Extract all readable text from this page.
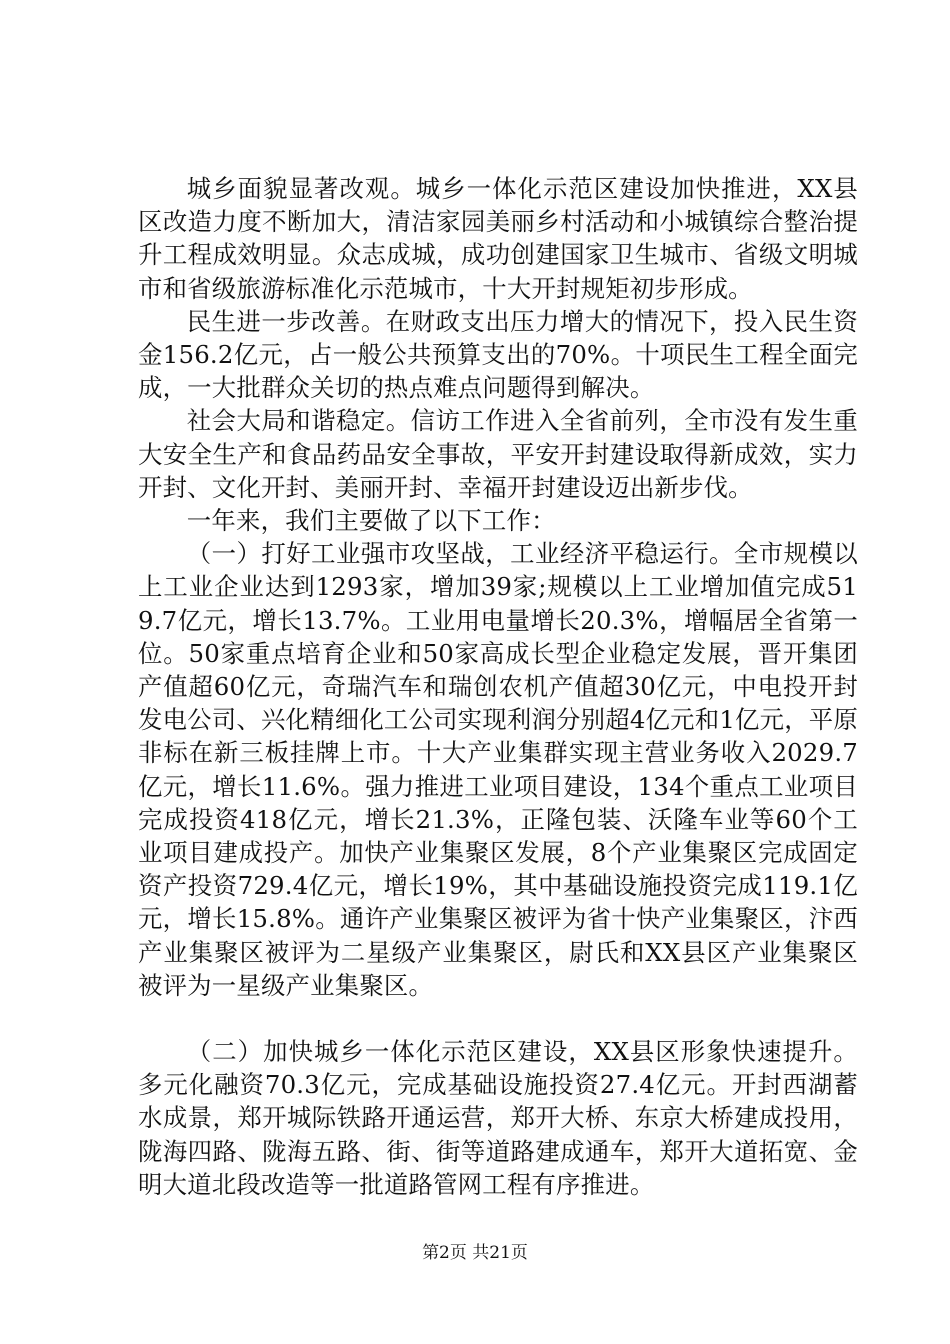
城乡面貌显著改观。城乡一体化示范区建设加快推进，XX县区改造力度不断加大，清洁家园美丽乡村活动和小城镇综合整治提升工程成效明显。众志成城，成功创建国家卫生城市、省级文明城市和省级旅游标准化示范城市，十大开封规矩初步形成。

民生进一步改善。在财政支出压力增大的情况下，投入民生资金156.2亿元，占一般公共预算支出的70%。十项民生工程全面完成，一大批群众关切的热点难点问题得到解决。

社会大局和谐稳定。信访工作进入全省前列，全市没有发生重大安全生产和食品药品安全事故，平安开封建设取得新成效，实力开封、文化开封、美丽开封、幸福开封建设迈出新步伐。

一年来，我们主要做了以下工作：

（一）打好工业强市攻坚战，工业经济平稳运行。全市规模以上工业企业达到1293家，增加39家;规模以上工业增加值完成519.7亿元，增长13.7%。工业用电量增长20.3%，增幅居全省第一位。50家重点培育企业和50家高成长型企业稳定发展，晋开集团产值超60亿元，奇瑞汽车和瑞创农机产值超30亿元，中电投开封发电公司、兴化精细化工公司实现利润分别超4亿元和1亿元，平原非标在新三板挂牌上市。十大产业集群实现主营业务收入2029.7亿元，增长11.6%。强力推进工业项目建设，134个重点工业项目完成投资418亿元，增长21.3%，正隆包装、沃隆车业等60个工业项目建成投产。加快产业集聚区发展，8个产业集聚区完成固定资产投资729.4亿元，增长19%，其中基础设施投资完成119.1亿元，增长15.8%。通许产业集聚区被评为省十快产业集聚区，汴西产业集聚区被评为二星级产业集聚区，尉氏和XX县区产业集聚区被评为一星级产业集聚区。

（二）加快城乡一体化示范区建设，XX县区形象快速提升。多元化融资70.3亿元，完成基础设施投资27.4亿元。开封西湖蓄水成景，郑开城际铁路开通运营，郑开大桥、东京大桥建成投用，陇海四路、陇海五路、街、街等道路建成通车，郑开大道拓宽、金明大道北段改造等一批道路管网工程有序推进。

第2页 共21页
